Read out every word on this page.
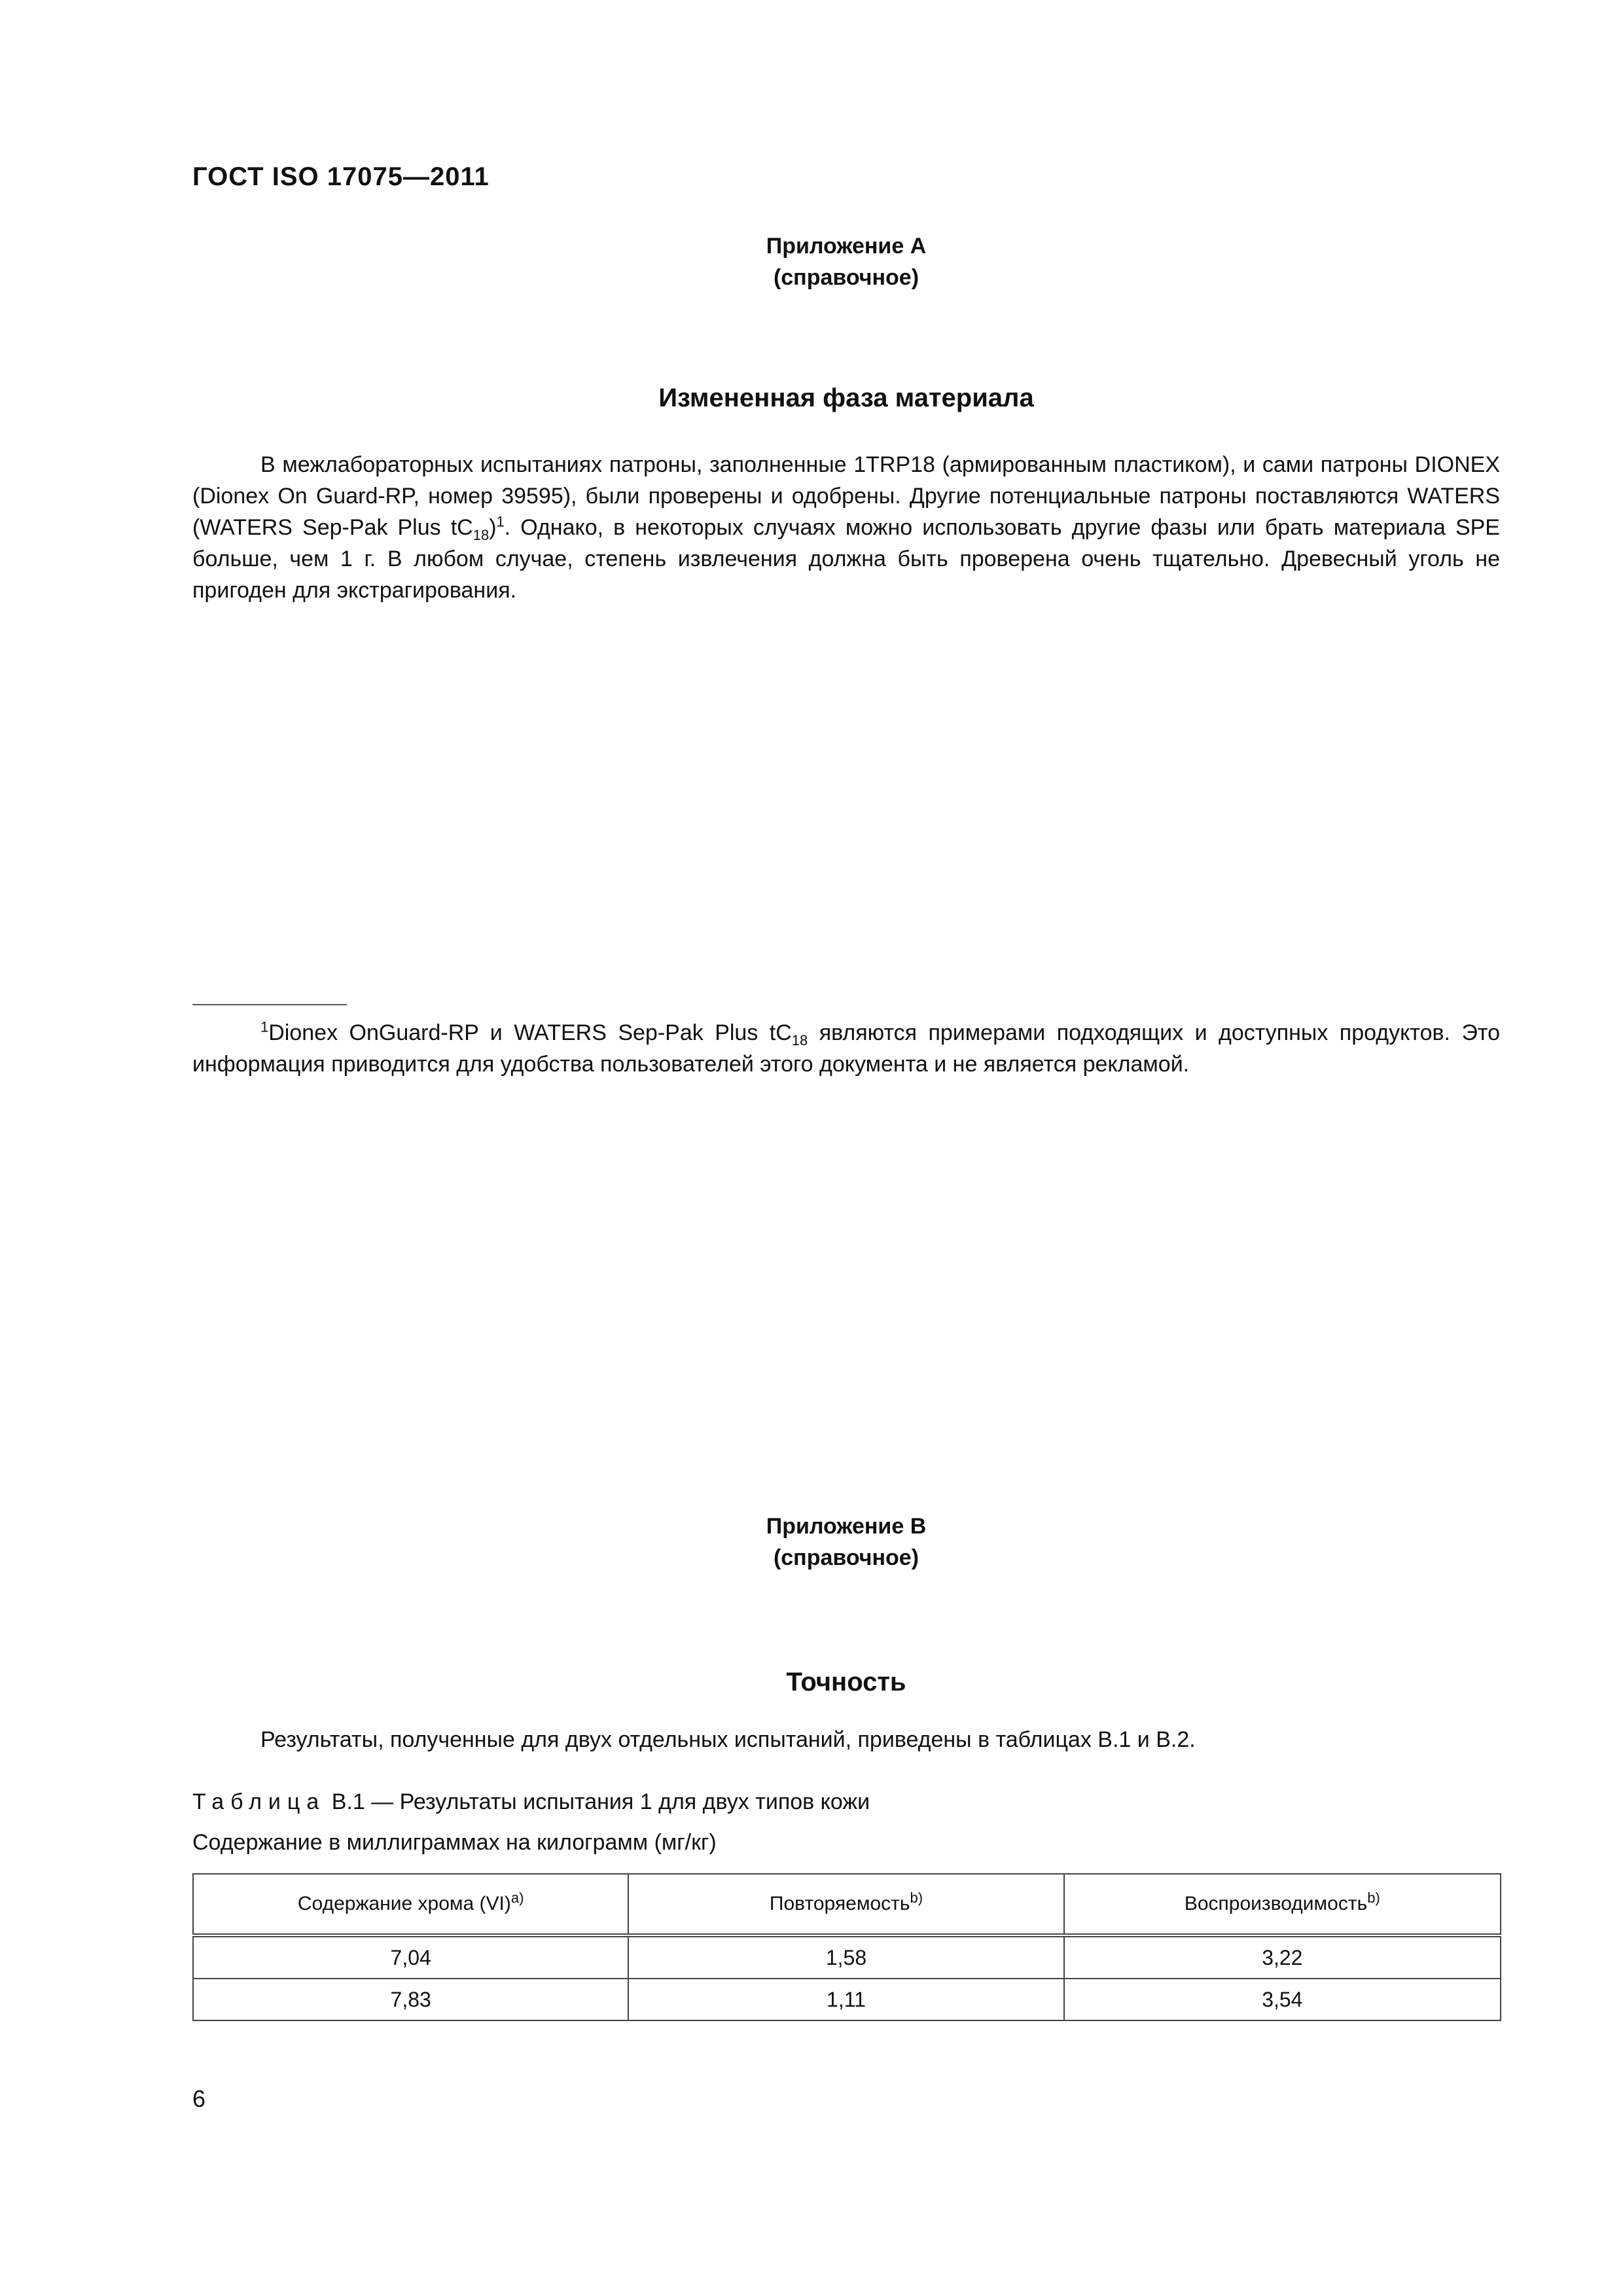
ГОСТ ISO 17075—2011
Приложение А
(справочное)
Измененная фаза материала
В межлабораторных испытаниях патроны, заполненные 1TRP18 (армированным пластиком), и сами патроны DIONEX (Dionex On Guard-RP, номер 39595), были проверены и одобрены. Другие потенциальные патроны поставляются WATERS (WATERS Sep-Pak Plus $tC_{18})^1$. Однако, в некоторых случаях можно использовать другие фазы или брать материала SPE больше, чем 1 г. В любом случае, степень извлечения должна быть проверена очень тщательно. Древесный уголь не пригоден для экстрагирования.
$^1$Dionex OnGuard-RP и WATERS Sep-Pak Plus $tC_{18}$ являются примерами подходящих и доступных продуктов. Это информация приводится для удобства пользователей этого документа и не является рекламой.
Приложение В
(справочное)
Точность
Результаты, полученные для двух отдельных испытаний, приведены в таблицах В.1 и В.2.
Таблица В.1 — Результаты испытания 1 для двух типов кожи
Содержание в миллиграммах на килограмм (мг/кг)
Содержание хрома (VI)$^{a)}$	Повторяемость$^{b)}$	Воспроизводимость$^{b)}$
7,04	1,58	3,22
7,83	1,11	3,54
6
